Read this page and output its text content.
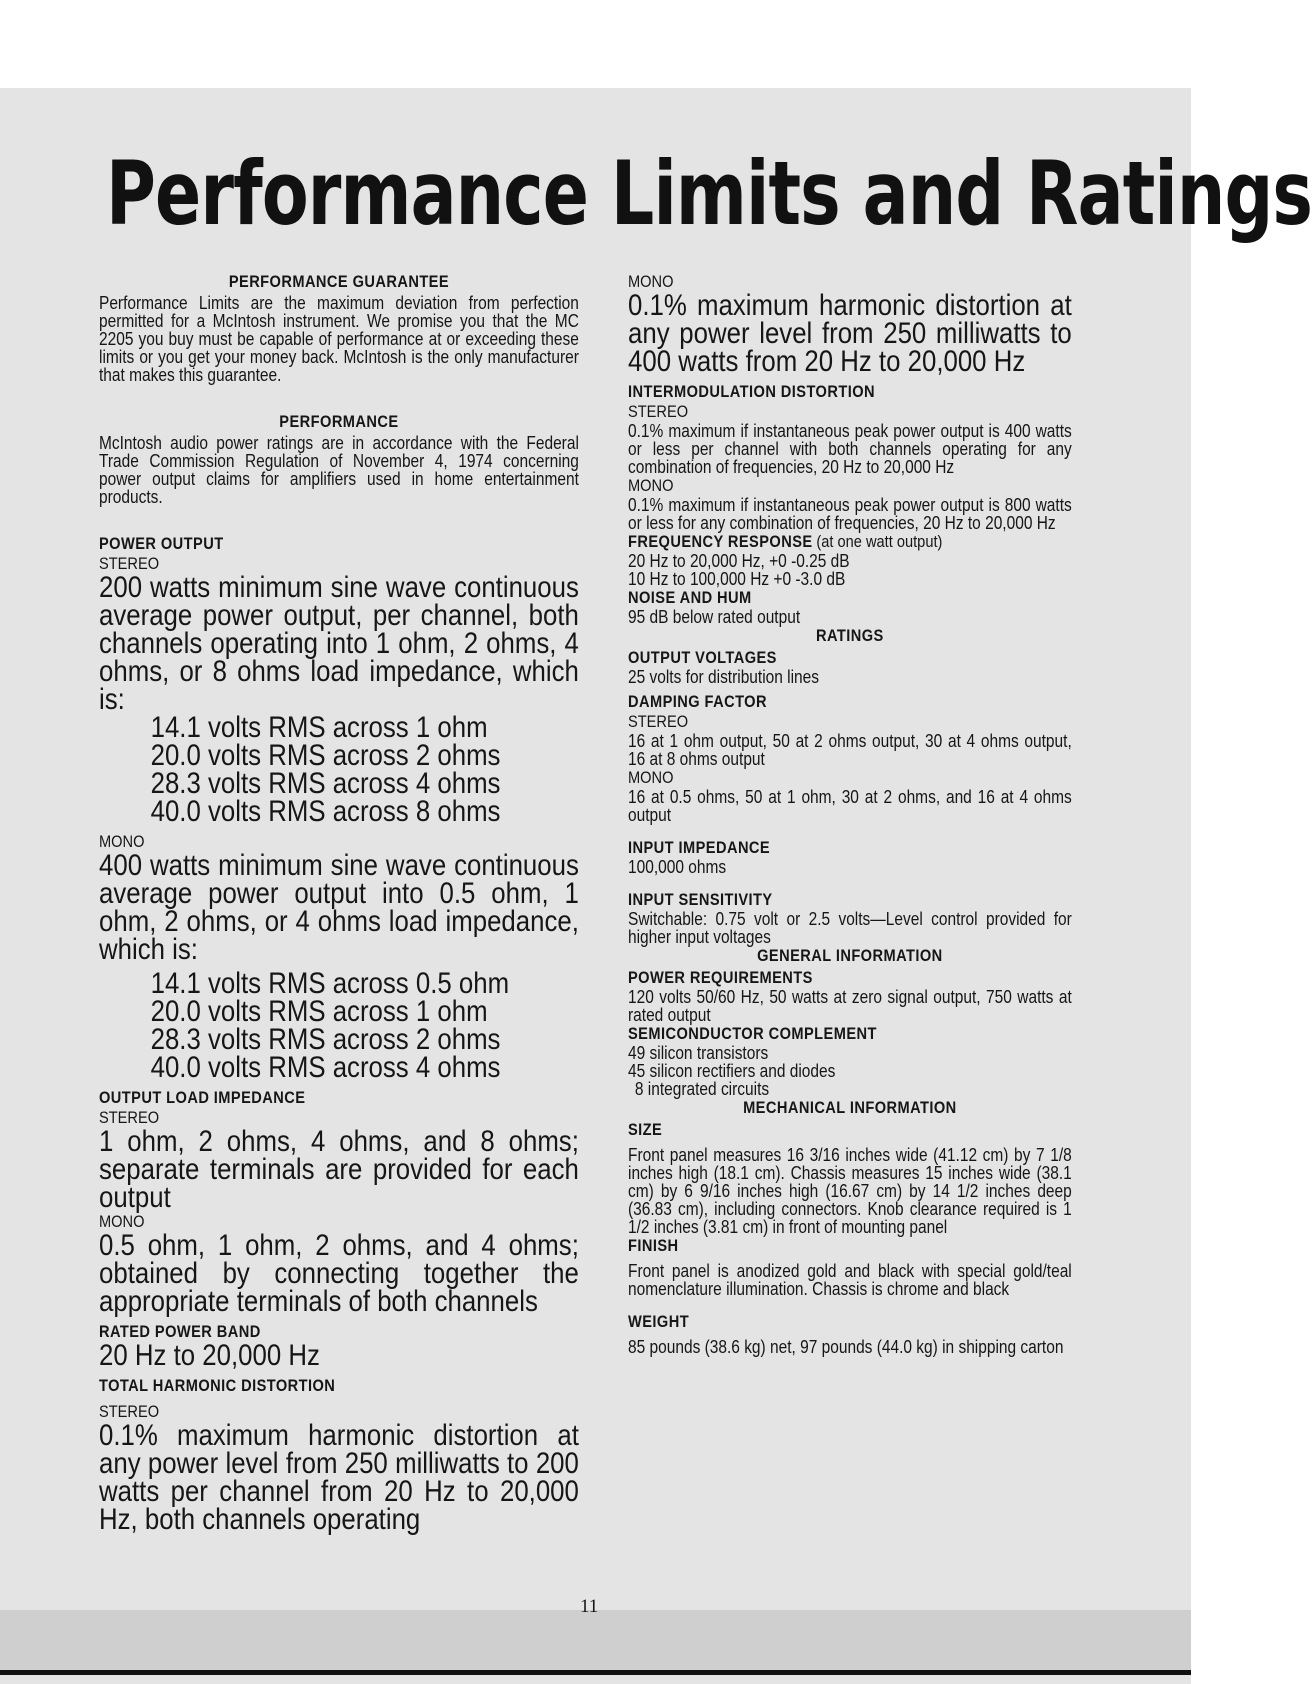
Performance Limits and Ratings
PERFORMANCE GUARANTEE

Performance Limits are the maximum deviation from perfection permitted for a McIntosh instrument. We promise you that the MC 2205 you buy must be capable of performance at or exceeding these limits or you get your money back. McIntosh is the only manufacturer that makes this guarantee.

PERFORMANCE

McIntosh audio power ratings are in accordance with the Federal Trade Commission Regulation of November 4, 1974 concerning power output claims for amplifiers used in home entertainment products.

POWER OUTPUT
STEREO

200 watts minimum sine wave continuous average power output, per channel, both channels operating into 1 ohm, 2 ohms, 4 ohms, or 8 ohms load impedance, which is:

14.1 volts RMS across 1 ohm
20.0 volts RMS across 2 ohms
28.3 volts RMS across 4 ohms
40.0 volts RMS across 8 ohms
MONO

400 watts minimum sine wave continuous average power output into 0.5 ohm, 1 ohm, 2 ohms, or 4 ohms load impedance, which is:

14.1 volts RMS across 0.5 ohm
20.0 volts RMS across 1 ohm
28.3 volts RMS across 2 ohms
40.0 volts RMS across 4 ohms
OUTPUT LOAD IMPEDANCE
STEREO

1 ohm, 2 ohms, 4 ohms, and 8 ohms; separate terminals are provided for each output

MONO

0.5 ohm, 1 ohm, 2 ohms, and 4 ohms; obtained by connecting together the appropriate terminals of both channels

RATED POWER BAND

20 Hz to 20,000 Hz

TOTAL HARMONIC DISTORTION
STEREO

0.1% maximum harmonic distortion at any power level from 250 milliwatts to 200 watts per channel from 20 Hz to 20,000 Hz, both channels operating

MONO

0.1% maximum harmonic distortion at any power level from 250 milliwatts to 400 watts from 20 Hz to 20,000 Hz

INTERMODULATION DISTORTION
STEREO

0.1% maximum if instantaneous peak power output is 400 watts or less per channel with both channels operating for any combination of frequencies, 20 Hz to 20,000 Hz

MONO

0.1% maximum if instantaneous peak power output is 800 watts or less for any combination of frequencies, 20 Hz to 20,000 Hz

FREQUENCY RESPONSE (at one watt output)
20 Hz to 20,000 Hz, +0 -0.25 dB
10 Hz to 100,000 Hz +0 -3.0 dB
NOISE AND HUM

95 dB below rated output

RATINGS
OUTPUT VOLTAGES

25 volts for distribution lines

DAMPING FACTOR
STEREO

16 at 1 ohm output, 50 at 2 ohms output, 30 at 4 ohms output, 16 at 8 ohms output

MONO

16 at 0.5 ohms, 50 at 1 ohm, 30 at 2 ohms, and 16 at 4 ohms output

INPUT IMPEDANCE

100,000 ohms

INPUT SENSITIVITY

Switchable: 0.75 volt or 2.5 volts—Level control provided for higher input voltages

GENERAL INFORMATION
POWER REQUIREMENTS

120 volts 50/60 Hz, 50 watts at zero signal output, 750 watts at rated output

SEMICONDUCTOR COMPLEMENT
49 silicon transistors
45 silicon rectifiers and diodes
8 integrated circuits
MECHANICAL INFORMATION
SIZE

Front panel measures 16 3/16 inches wide (41.12 cm) by 7 1/8 inches high (18.1 cm). Chassis measures 15 inches wide (38.1 cm) by 6 9/16 inches high (16.67 cm) by 14 1/2 inches deep (36.83 cm), including connectors. Knob clearance required is 1 1/2 inches (3.81 cm) in front of mounting panel

FINISH

Front panel is anodized gold and black with special gold/teal nomenclature illumination. Chassis is chrome and black

WEIGHT

85 pounds (38.6 kg) net, 97 pounds (44.0 kg) in shipping carton

11
